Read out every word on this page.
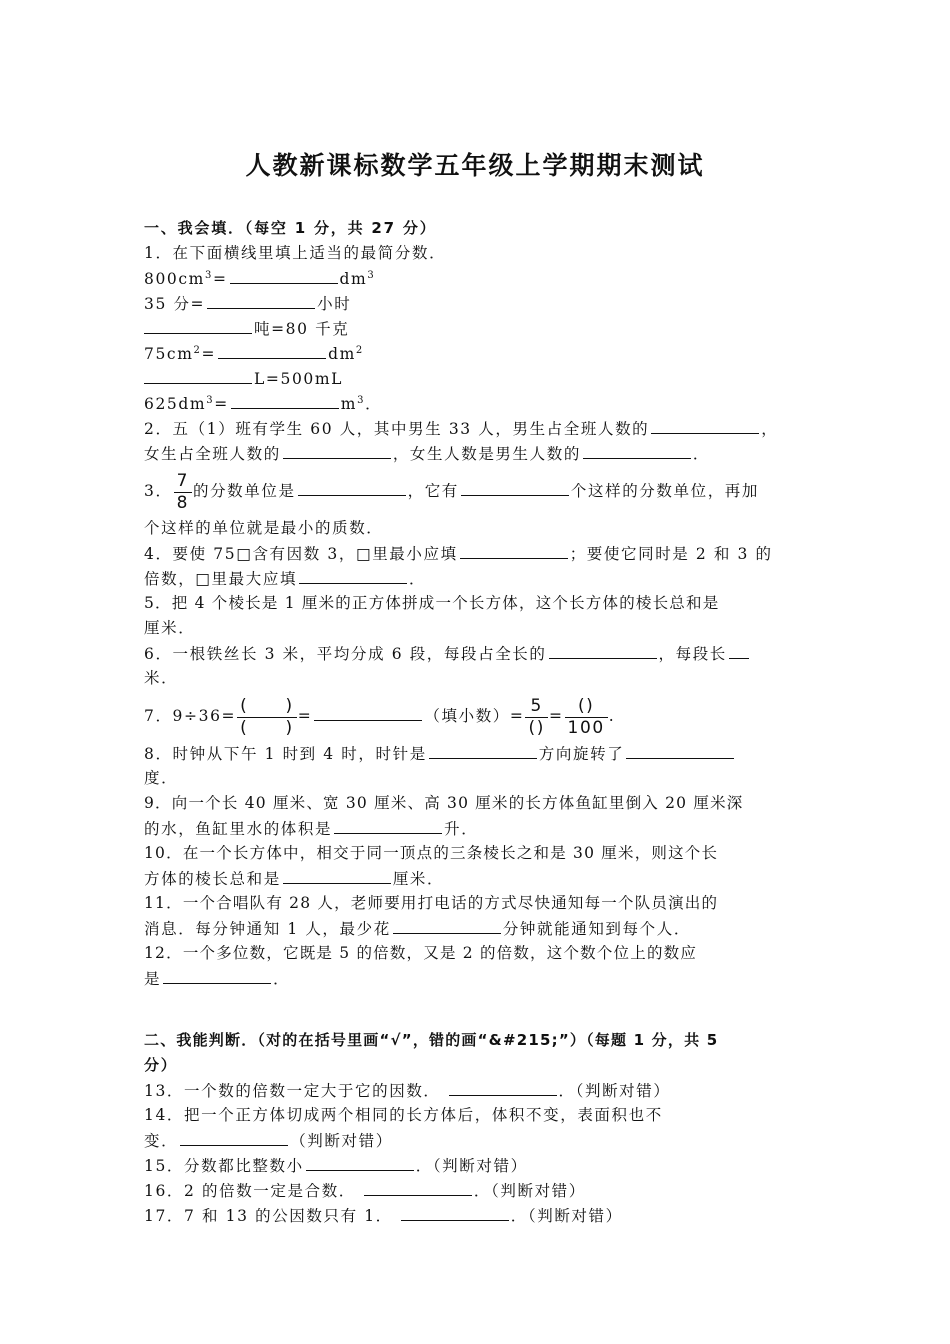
人教新课标数学五年级上学期期末测试
一、我会填．（每空 1 分，共 27 分）
1．在下面横线里填上适当的最简分数．
$800cm^3=$	$dm^3$
35 分=	小时
吨=80 千克
$75cm^2=$	$dm^2$
L=500mL
$625dm^3=$	$m^3$．
2．五（1）班有学生 60 人，其中男生 33 人，男生占全班人数的	，
女生占全班人数的	，女生人数是男生人数的	．
3． $\frac{7}{8}$ 的分数单位是	，它有	个这样的分数单位，再加
个这样的单位就是最小的质数．
4．要使 75□含有因数 3，□里最小应填	；要使它同时是 2 和 3 的
倍数，□里最大应填	．
5．把 4 个棱长是 1 厘米的正方体拼成一个长方体，这个长方体的棱长总和是
厘米．
6．一根铁丝长 3 米，平均分成 6 段，每段占全长的	，每段长
米．
7．$9\div 36= \frac{( )}{( )}$ =	（填小数）= $\frac{5}{()} = \frac{()}{100}$ .
8．时钟从下午 1 时到 4 时，时针是	方向旋转了
度．
9．向一个长 40 厘米、宽 30 厘米、高 30 厘米的长方体鱼缸里倒入 20 厘米深
的水，鱼缸里水的体积是	升．
10．在一个长方体中，相交于同一顶点的三条棱长之和是 30 厘米，则这个长
方体的棱长总和是	厘米．
11．一个合唱队有 28 人，老师要用打电话的方式尽快通知每一个队员演出的
消息．每分钟通知 1 人，最少花	分钟就能通知到每个人．
12．一个多位数，它既是 5 的倍数，又是 2 的倍数，这个数个位上的数应
是	．
二、我能判断．（对的在括号里画“√”，错的画“&#215;”）（每题 1 分，共 5
分）
13．一个数的倍数一定大于它的因数．	．（判断对错）
14．把一个正方体切成两个相同的长方体后，体积不变，表面积也不
变．	（判断对错）
15．分数都比整数小	．（判断对错）
16．2 的倍数一定是合数．	．（判断对错）
17．7 和 13 的公因数只有 1．	．（判断对错）
